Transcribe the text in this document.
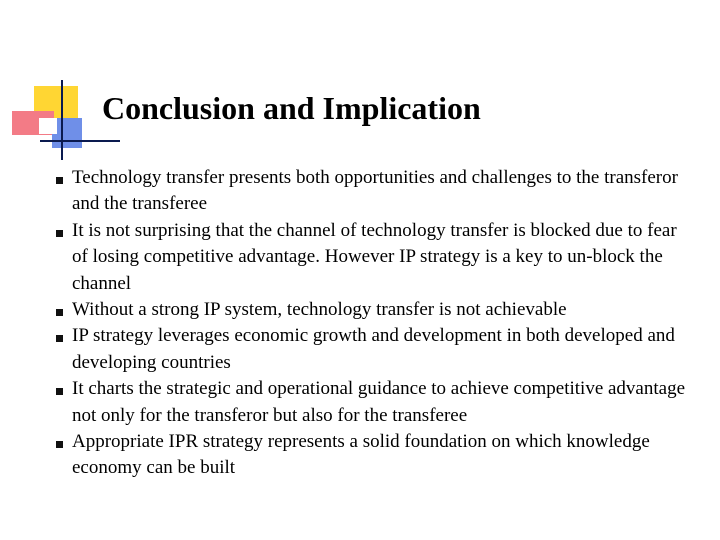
Conclusion and Implication
Technology transfer presents both opportunities and challenges to the transferor and the transferee
It is not surprising that the channel of technology transfer is blocked due to fear of losing competitive advantage. However IP strategy is a key to un-block the channel
Without a strong IP system, technology transfer is not achievable
IP strategy leverages economic growth and development in both developed and developing countries
It charts the strategic and operational guidance to achieve competitive advantage not only for the transferor but also for the transferee
Appropriate IPR strategy represents a solid foundation on which knowledge economy can be built
